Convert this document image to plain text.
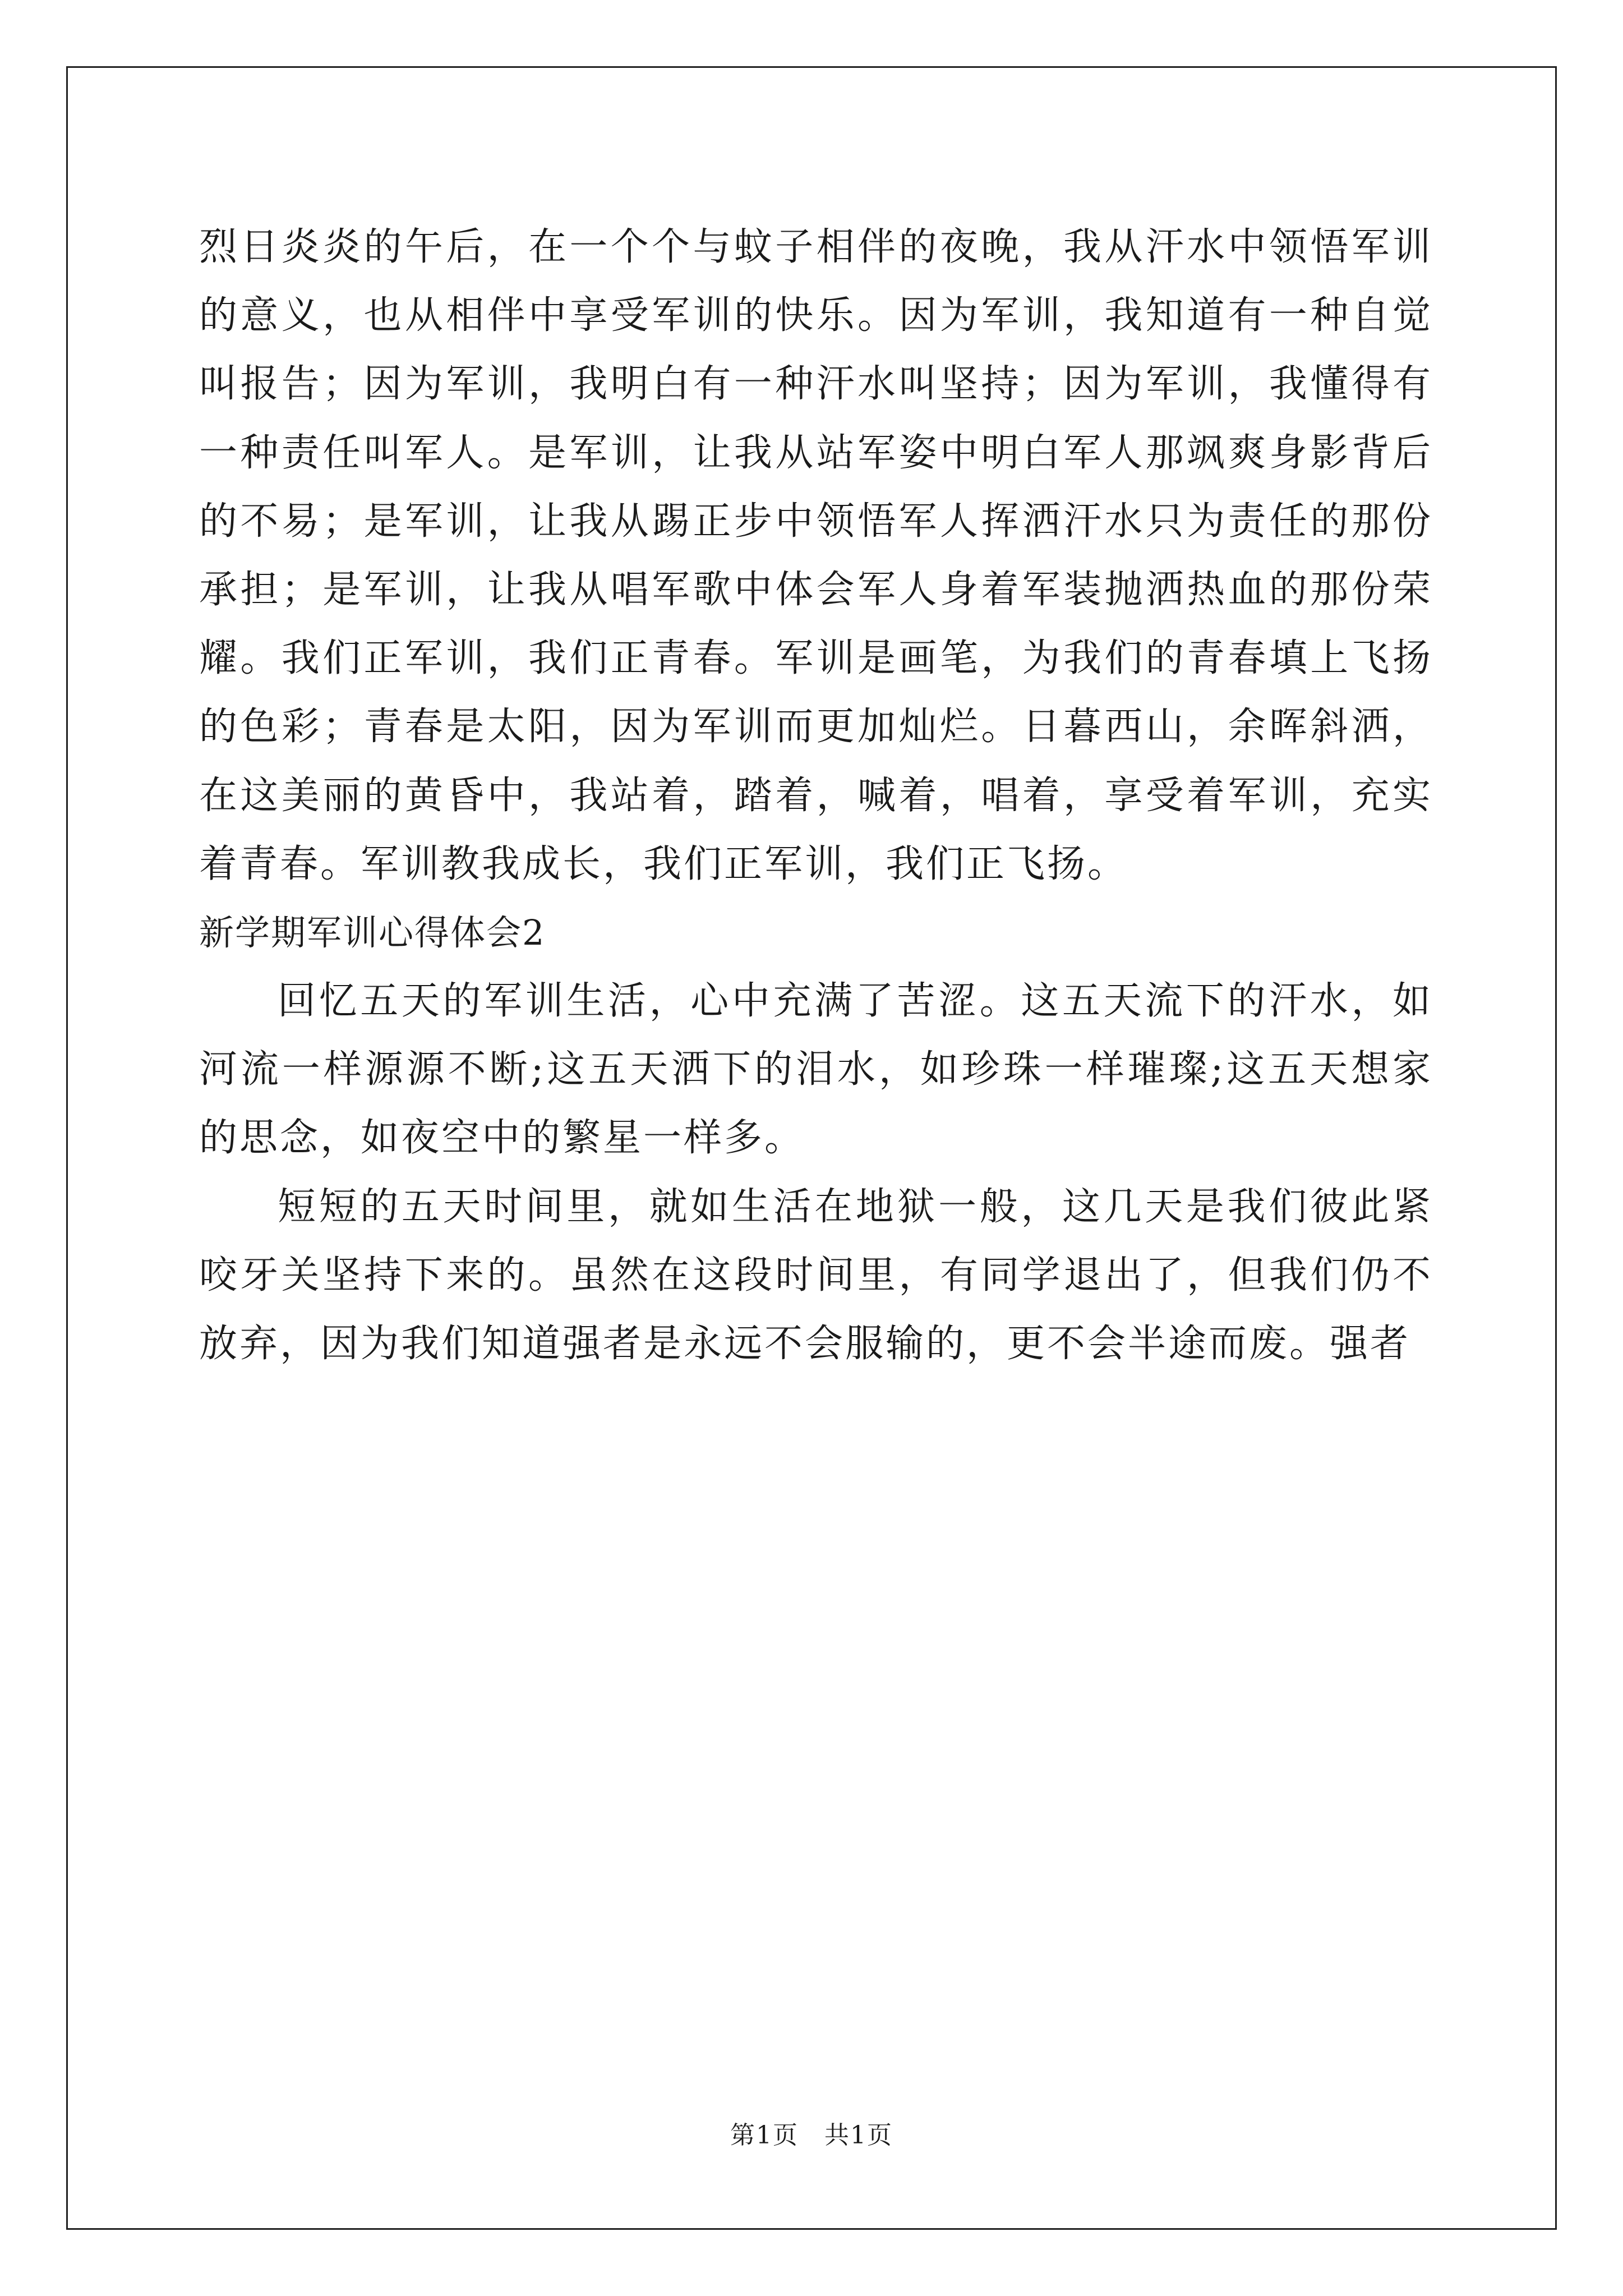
烈日炎炎的午后，在一个个与蚊子相伴的夜晚，我从汗水中领悟军训的意义，也从相伴中享受军训的快乐。因为军训，我知道有一种自觉叫报告；因为军训，我明白有一种汗水叫坚持；因为军训，我懂得有一种责任叫军人。是军训，让我从站军姿中明白军人那飒爽身影背后的不易；是军训，让我从踢正步中领悟军人挥洒汗水只为责任的那份承担；是军训，让我从唱军歌中体会军人身着军装抛洒热血的那份荣耀。我们正军训，我们正青春。军训是画笔，为我们的青春填上飞扬的色彩；青春是太阳，因为军训而更加灿烂。日暮西山，余晖斜洒，在这美丽的黄昏中，我站着，踏着，喊着，唱着，享受着军训，充实着青春。军训教我成长，我们正军训，我们正飞扬。

新学期军训心得体会2

回忆五天的军训生活，心中充满了苦涩。这五天流下的汗水，如河流一样源源不断;这五天洒下的泪水，如珍珠一样璀璨;这五天想家的思念，如夜空中的繁星一样多。

短短的五天时间里，就如生活在地狱一般，这几天是我们彼此紧咬牙关坚持下来的。虽然在这段时间里，有同学退出了，但我们仍不放弃，因为我们知道强者是永远不会服输的，更不会半途而废。强者

第1页　共1页
